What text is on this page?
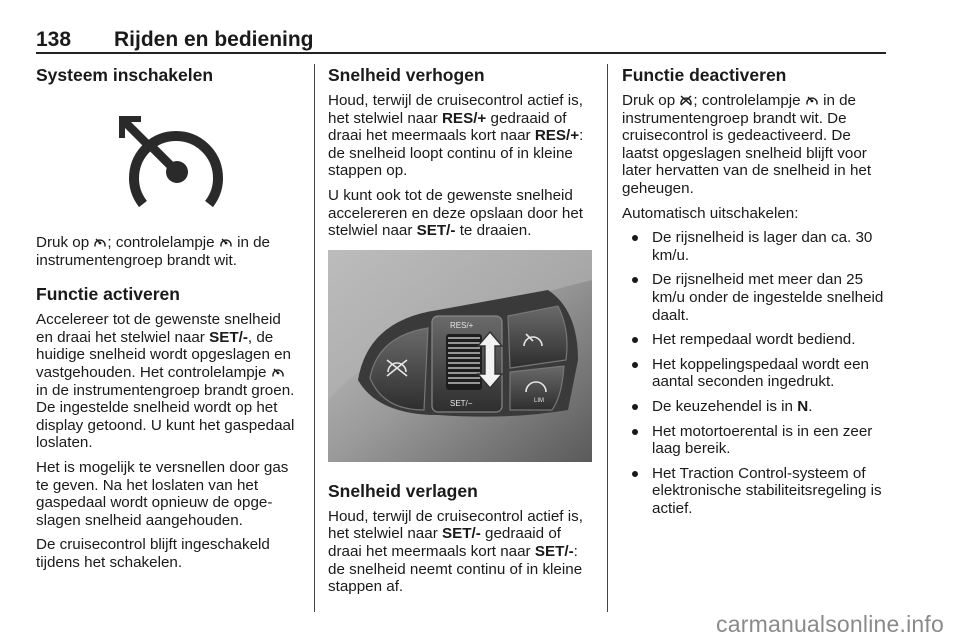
138 Rijden en bediening
Systeem inschakelen

Druk op ; controlelampje  in de instrumentengroep brandt wit.

Functie activeren

Accelereer tot de gewenste snelheid en draai het stelwiel naar SET/-, de huidige snelheid wordt opgeslagen en vastgehouden. Het controlelampje  in de instrumentengroep brandt groen. De ingestelde snelheid wordt op het display getoond. U kunt het gaspedaal loslaten.

Het is mogelijk te versnellen door gas te geven. Na het loslaten van het gaspedaal wordt opnieuw de opge- slagen snelheid aangehouden.

De cruisecontrol blijft ingeschakeld tijdens het schakelen.

Snelheid verhogen

Houd, terwijl de cruisecontrol actief is, het stelwiel naar RES/+ gedraaid of draai het meermaals kort naar RES/+: de snelheid loopt continu of in kleine stappen op.

U kunt ook tot de gewenste snelheid accelereren en deze opslaan door het stelwiel naar SET/- te draaien.

RES/+
SET/−	LIM
Snelheid verlagen

Houd, terwijl de cruisecontrol actief is, het stelwiel naar SET/- gedraaid of draai het meermaals kort naar SET/-: de snelheid neemt continu of in kleine stappen af.

Functie deactiveren

Druk op ; controlelampje  in de instrumentengroep brandt wit. De cruisecontrol is gedeactiveerd. De laatst opgeslagen snelheid blijft voor later hervatten van de snelheid in het geheugen.

Automatisch uitschakelen:

De rijsnelheid is lager dan ca. 30 km/u.
De rijsnelheid met meer dan 25 km/u onder de ingestelde snelheid daalt.
Het rempedaal wordt bediend.
Het koppelingspedaal wordt een aantal seconden ingedrukt.
De keuzehendel is in N.
Het motortoerental is in een zeer laag bereik.
Het Traction Control-systeem of elektronische stabiliteitsregeling is actief.
carmanualsonline.info
